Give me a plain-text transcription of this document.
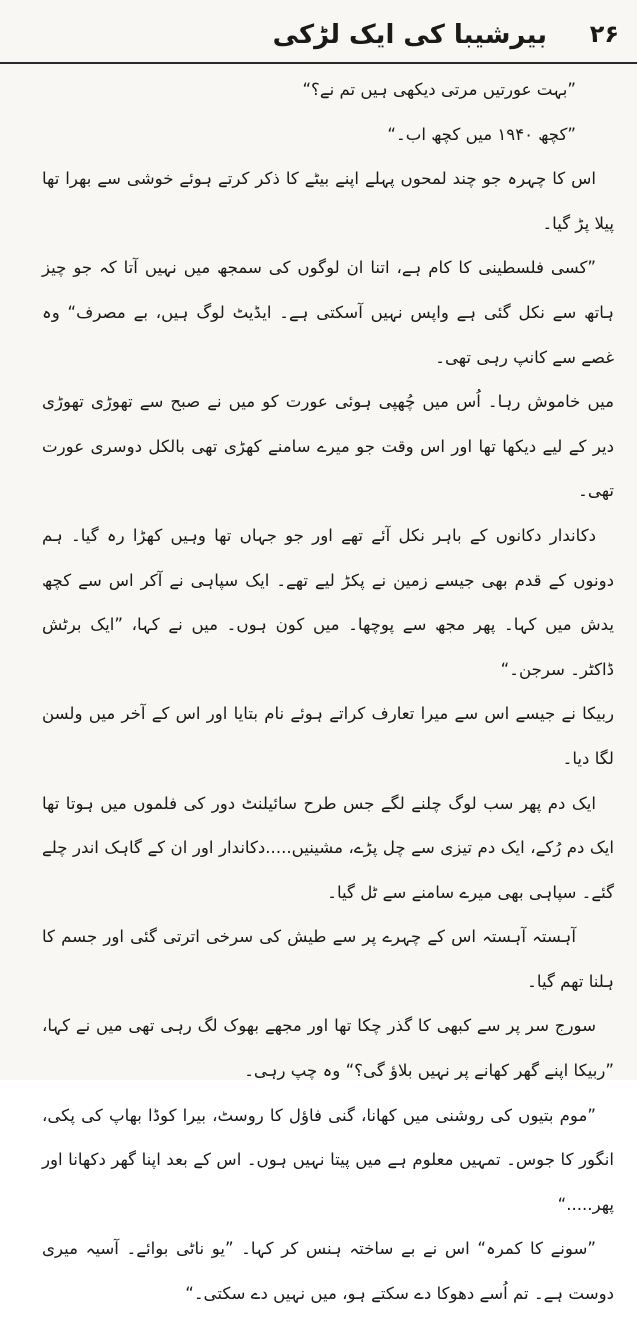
بیرشیبا کی ایک لڑکی ۲۶

”بہت عورتیں مرتی دیکھی ہیں تم نے؟“

”کچھ ۱۹۴۰ میں کچھ اب۔“

اس کا چہرہ جو چند لمحوں پہلے اپنے بیٹے کا ذکر کرتے ہوئے خوشی سے بھرا تھا پیلا پڑ گیا۔

”کسی فلسطینی کا کام ہے، اتنا ان لوگوں کی سمجھ میں نہیں آتا کہ جو چیز ہاتھ سے نکل گئی ہے واپس نہیں آسکتی ہے۔ ایڈیٹ لوگ ہیں، بے مصرف“ وہ غصے سے کانپ رہی تھی۔

میں خاموش رہا۔ اُس میں چُھپی ہوئی عورت کو میں نے صبح سے تھوڑی تھوڑی دیر کے لیے دیکھا تھا اور اس وقت جو میرے سامنے کھڑی تھی بالکل دوسری عورت تھی۔

دکاندار دکانوں کے باہر نکل آئے تھے اور جو جہاں تھا وہیں کھڑا رہ گیا۔ ہم دونوں کے قدم بھی جیسے زمین نے پکڑ لیے تھے۔ ایک سپاہی نے آکر اس سے کچھ یدش میں کہا۔ پھر مجھ سے پوچھا۔ میں کون ہوں۔ میں نے کہا، ”ایک برٹش ڈاکٹر۔ سرجن۔“

ربیکا نے جیسے اس سے میرا تعارف کراتے ہوئے نام بتایا اور اس کے آخر میں ولسن لگا دیا۔

ایک دم پھر سب لوگ چلنے لگے جس طرح سائیلنٹ دور کی فلموں میں ہوتا تھا ایک دم رُکے، ایک دم تیزی سے چل پڑے، مشینیں.....دکاندار اور ان کے گاہک اندر چلے گئے۔ سپاہی بھی میرے سامنے سے ٹل گیا۔

آہستہ آہستہ اس کے چہرے پر سے طیش کی سرخی اترتی گئی اور جسم کا ہلنا تھم گیا۔

سورج سر پر سے کبھی کا گذر چکا تھا اور مجھے بھوک لگ رہی تھی میں نے کہا، ”ربیکا اپنے گھر کھانے پر نہیں بلاؤ گی؟“ وہ چپ رہی۔

”موم بتیوں کی روشنی میں کھانا، گنی فاؤل کا روسٹ، بیرا کوڈا بھاپ کی پکی، انگور کا جوس۔ تمہیں معلوم ہے میں پیتا نہیں ہوں۔ اس کے بعد اپنا گھر دکھانا اور پھر.....“

”سونے کا کمرہ“ اس نے بے ساختہ ہنس کر کہا۔ ”یو ناٹی بوائے۔ آسیہ میری دوست ہے۔ تم اُسے دھوکا دے سکتے ہو، میں نہیں دے سکتی۔“
